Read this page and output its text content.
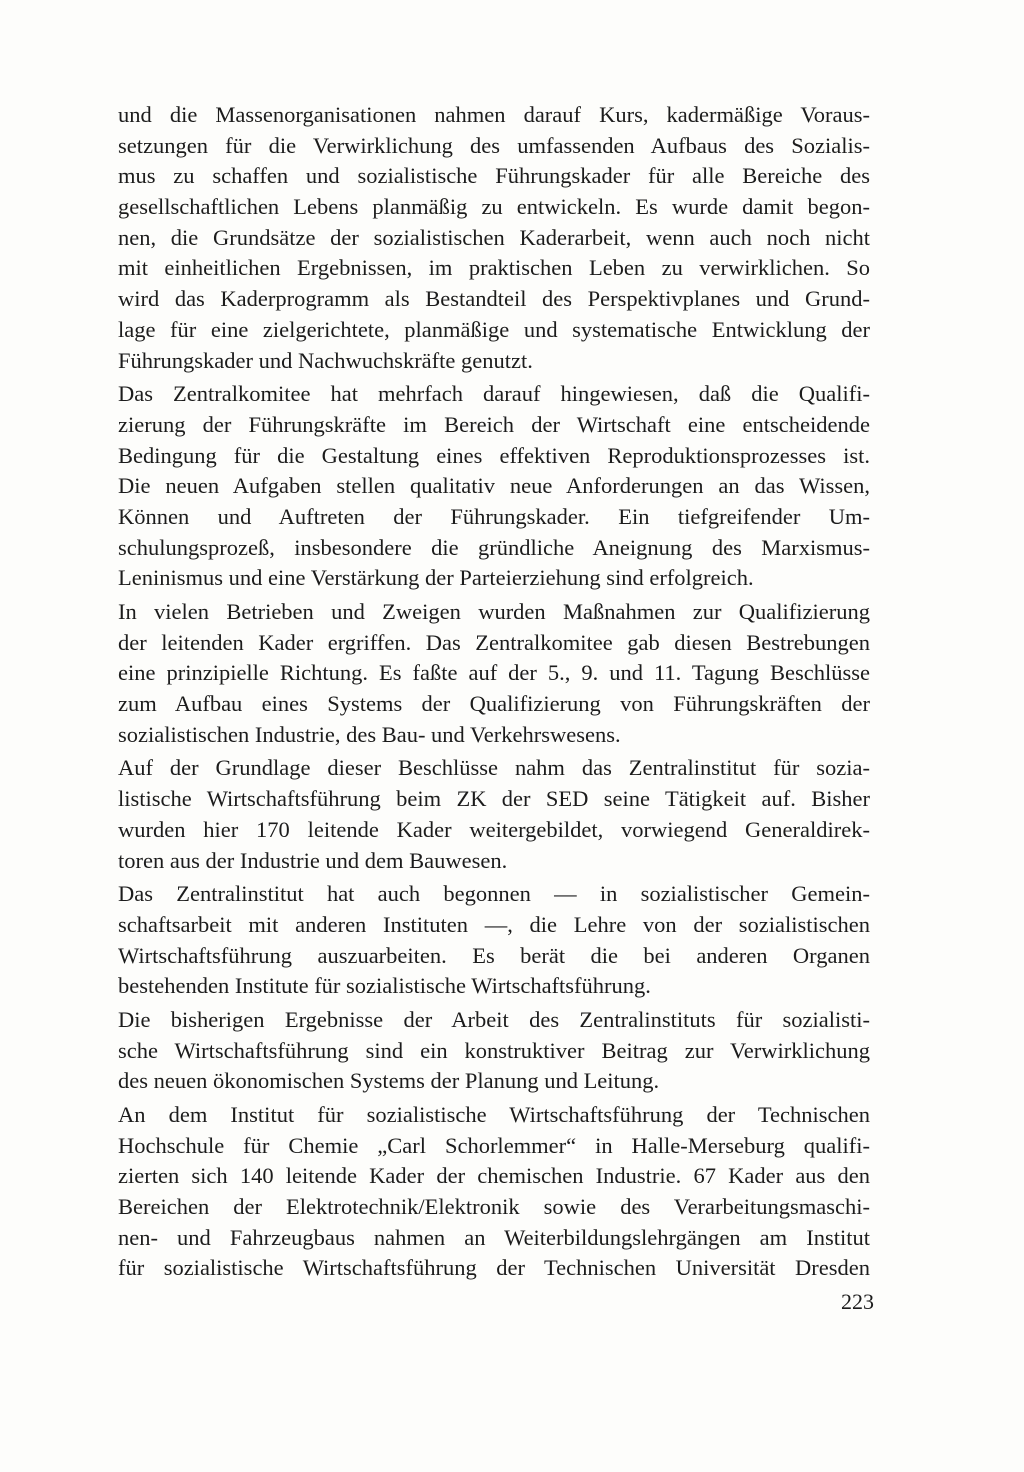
und die Massenorganisationen nahmen darauf Kurs, kadermäßige Voraus-
setzungen für die Verwirklichung des umfassenden Aufbaus des Sozialis-
mus zu schaffen und sozialistische Führungskader für alle Bereiche des
gesellschaftlichen Lebens planmäßig zu entwickeln. Es wurde damit begon-
nen, die Grundsätze der sozialistischen Kaderarbeit, wenn auch noch nicht
mit einheitlichen Ergebnissen, im praktischen Leben zu verwirklichen. So
wird das Kaderprogramm als Bestandteil des Perspektivplanes und Grund-
lage für eine zielgerichtete, planmäßige und systematische Entwicklung der
Führungskader und Nachwuchskräfte genutzt.
Das Zentralkomitee hat mehrfach darauf hingewiesen, daß die Qualifi-
zierung der Führungskräfte im Bereich der Wirtschaft eine entscheidende
Bedingung für die Gestaltung eines effektiven Reproduktionsprozesses ist.
Die neuen Aufgaben stellen qualitativ neue Anforderungen an das Wissen,
Können und Auftreten der Führungskader. Ein tiefgreifender Um-
schulungsprozeß, insbesondere die gründliche Aneignung des Marxismus-
Leninismus und eine Verstärkung der Parteierziehung sind erfolgreich.
In vielen Betrieben und Zweigen wurden Maßnahmen zur Qualifizierung
der leitenden Kader ergriffen. Das Zentralkomitee gab diesen Bestrebungen
eine prinzipielle Richtung. Es faßte auf der 5., 9. und 11. Tagung Beschlüsse
zum Aufbau eines Systems der Qualifizierung von Führungskräften der
sozialistischen Industrie, des Bau- und Verkehrswesens.
Auf der Grundlage dieser Beschlüsse nahm das Zentralinstitut für sozia-
listische Wirtschaftsführung beim ZK der SED seine Tätigkeit auf. Bisher
wurden hier 170 leitende Kader weitergebildet, vorwiegend Generaldirek-
toren aus der Industrie und dem Bauwesen.
Das Zentralinstitut hat auch begonnen — in sozialistischer Gemein-
schaftsarbeit mit anderen Instituten —, die Lehre von der sozialistischen
Wirtschaftsführung auszuarbeiten. Es berät die bei anderen Organen
bestehenden Institute für sozialistische Wirtschaftsführung.
Die bisherigen Ergebnisse der Arbeit des Zentralinstituts für sozialisti-
sche Wirtschaftsführung sind ein konstruktiver Beitrag zur Verwirklichung
des neuen ökonomischen Systems der Planung und Leitung.
An dem Institut für sozialistische Wirtschaftsführung der Technischen
Hochschule für Chemie „Carl Schorlemmer“ in Halle-Merseburg qualifi-
zierten sich 140 leitende Kader der chemischen Industrie. 67 Kader aus den
Bereichen der Elektrotechnik/Elektronik sowie des Verarbeitungsmaschi-
nen- und Fahrzeugbaus nahmen an Weiterbildungslehrgängen am Institut
für sozialistische Wirtschaftsführung der Technischen Universität Dresden
223
